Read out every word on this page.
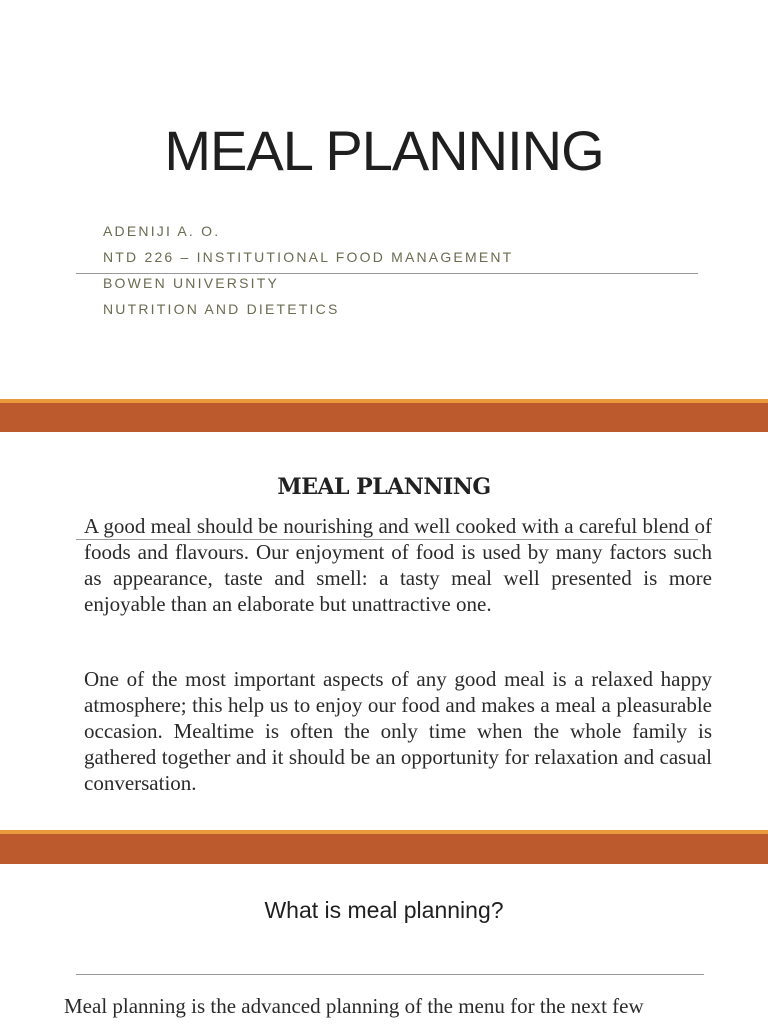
MEAL PLANNING
ADENIJI A. O.
NTD 226 – INSTITUTIONAL FOOD MANAGEMENT
BOWEN UNIVERSITY
NUTRITION AND DIETETICS
MEAL PLANNING

A good meal should be nourishing and well cooked with a careful blend of foods and flavours. Our enjoyment of food is used by many factors such as appearance, taste and smell: a tasty meal well presented is more enjoyable than an elaborate but unattractive one.

One of the most important aspects of any good meal is a relaxed happy atmosphere; this help us to enjoy our food and makes a meal a pleasurable occasion. Mealtime is often the only time when the whole family is gathered together and it should be an opportunity for relaxation and casual conversation.

What is meal planning?

Meal planning is the advanced planning of the menu for the next few
